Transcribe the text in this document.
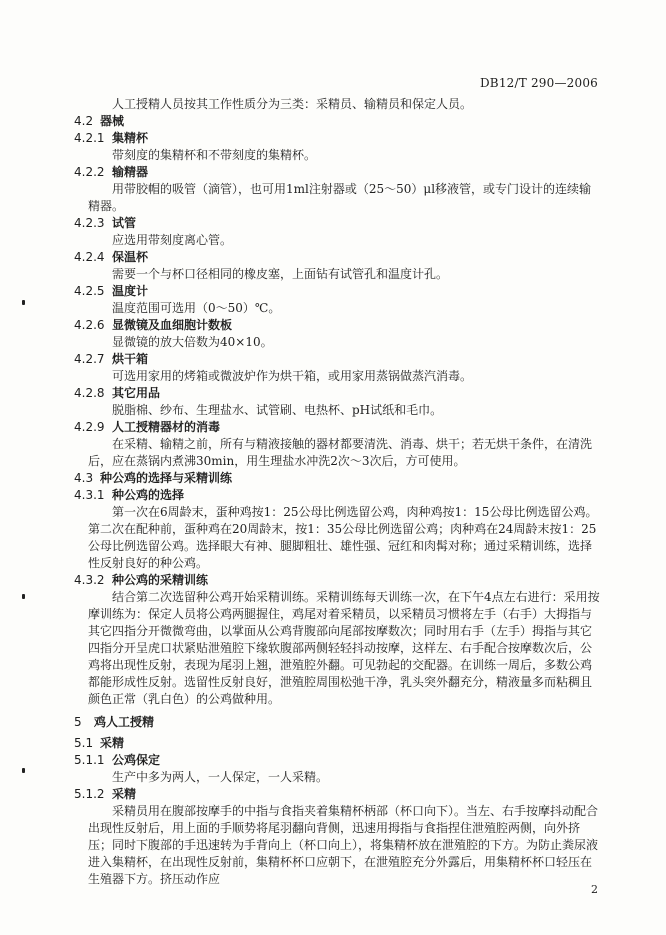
DB12/T 290—2006

人工授精人员按其工作性质分为三类：采精员、输精员和保定人员。

4.2 器械
4.2.1 集精杯

带刻度的集精杯和不带刻度的集精杯。

4.2.2 输精器

用带胶帽的吸管（滴管），也可用1ml注射器或（25～50）μl移液管，或专门设计的连续输精器。

4.2.3 试管

应选用带刻度离心管。

4.2.4 保温杯

需要一个与杯口径相同的橡皮塞，上面钻有试管孔和温度计孔。

4.2.5 温度计

温度范围可选用（0～50）℃。

4.2.6 显微镜及血细胞计数板

显微镜的放大倍数为40×10。

4.2.7 烘干箱

可选用家用的烤箱或微波炉作为烘干箱，或用家用蒸锅做蒸汽消毒。

4.2.8 其它用品

脱脂棉、纱布、生理盐水、试管刷、电热杯、pH试纸和毛巾。

4.2.9 人工授精器材的消毒

在采精、输精之前，所有与精液接触的器材都要清洗、消毒、烘干；若无烘干条件，在清洗后，应在蒸锅内煮沸30min，用生理盐水冲洗2次～3次后，方可使用。

4.3 种公鸡的选择与采精训练
4.3.1 种公鸡的选择

第一次在6周龄末，蛋种鸡按1：25公母比例选留公鸡，肉种鸡按1：15公母比例选留公鸡。第二次在配种前，蛋种鸡在20周龄末，按1：35公母比例选留公鸡；肉种鸡在24周龄末按1：25公母比例选留公鸡。选择眼大有神、腿脚粗壮、雄性强、冠红和肉髯对称；通过采精训练，选择性反射良好的种公鸡。

4.3.2 种公鸡的采精训练

结合第二次选留种公鸡开始采精训练。采精训练每天训练一次，在下午4点左右进行：采用按摩训练为：保定人员将公鸡两腿握住，鸡尾对着采精员，以采精员习惯将左手（右手）大拇指与其它四指分开微微弯曲，以掌面从公鸡背腹部向尾部按摩数次；同时用右手（左手）拇指与其它四指分开呈虎口状紧贴泄殖腔下缘软腹部两侧轻轻抖动按摩，这样左、右手配合按摩数次后，公鸡将出现性反射，表现为尾羽上翘，泄殖腔外翻。可见勃起的交配器。在训练一周后，多数公鸡都能形成性反射。选留性反射良好，泄殖腔周围松弛干净，乳头突外翻充分，精液量多而粘稠且颜色正常（乳白色）的公鸡做种用。

5 鸡人工授精
5.1 采精
5.1.1 公鸡保定

生产中多为两人，一人保定，一人采精。

5.1.2 采精

采精员用在腹部按摩手的中指与食指夹着集精杯柄部（杯口向下）。当左、右手按摩抖动配合出现性反射后，用上面的手顺势将尾羽翻向背侧，迅速用拇指与食指捏住泄殖腔两侧，向外挤压；同时下腹部的手迅速转为手背向上（杯口向上），将集精杯放在泄殖腔的下方。为防止粪尿液进入集精杯，在出现性反射前，集精杯杯口应朝下，在泄殖腔充分外露后，用集精杯杯口轻压在生殖器下方。挤压动作应

2
